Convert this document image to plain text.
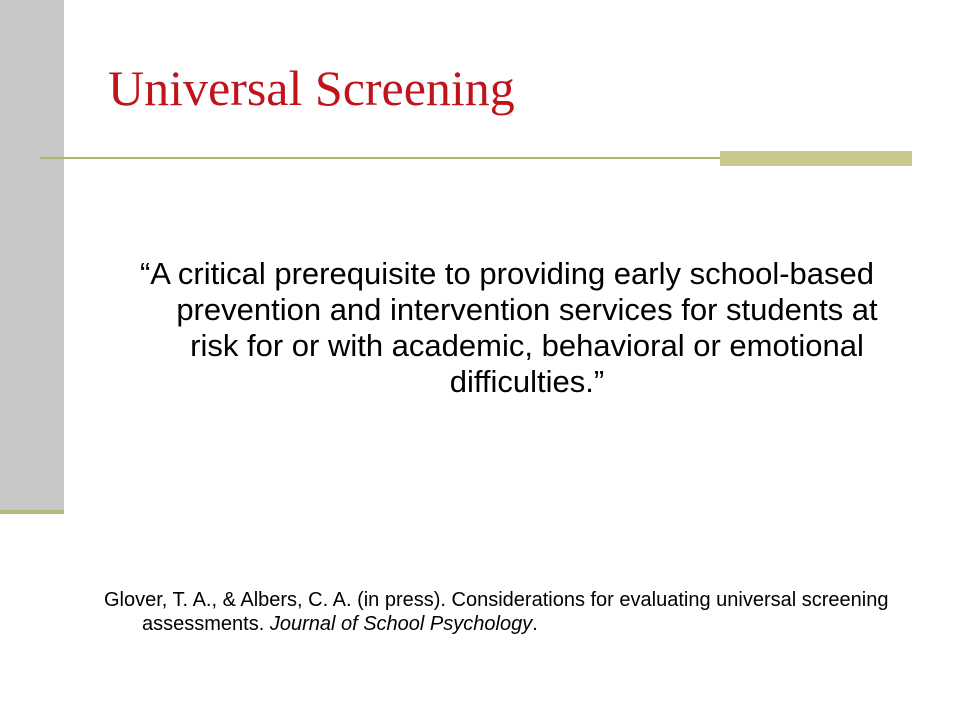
Universal Screening

“A critical prerequisite to providing early school-based prevention and intervention services for students at risk for or with academic, behavioral or emotional difficulties.”

Glover, T. A., & Albers, C. A. (in press). Considerations for evaluating universal screening assessments. Journal of School Psychology.
